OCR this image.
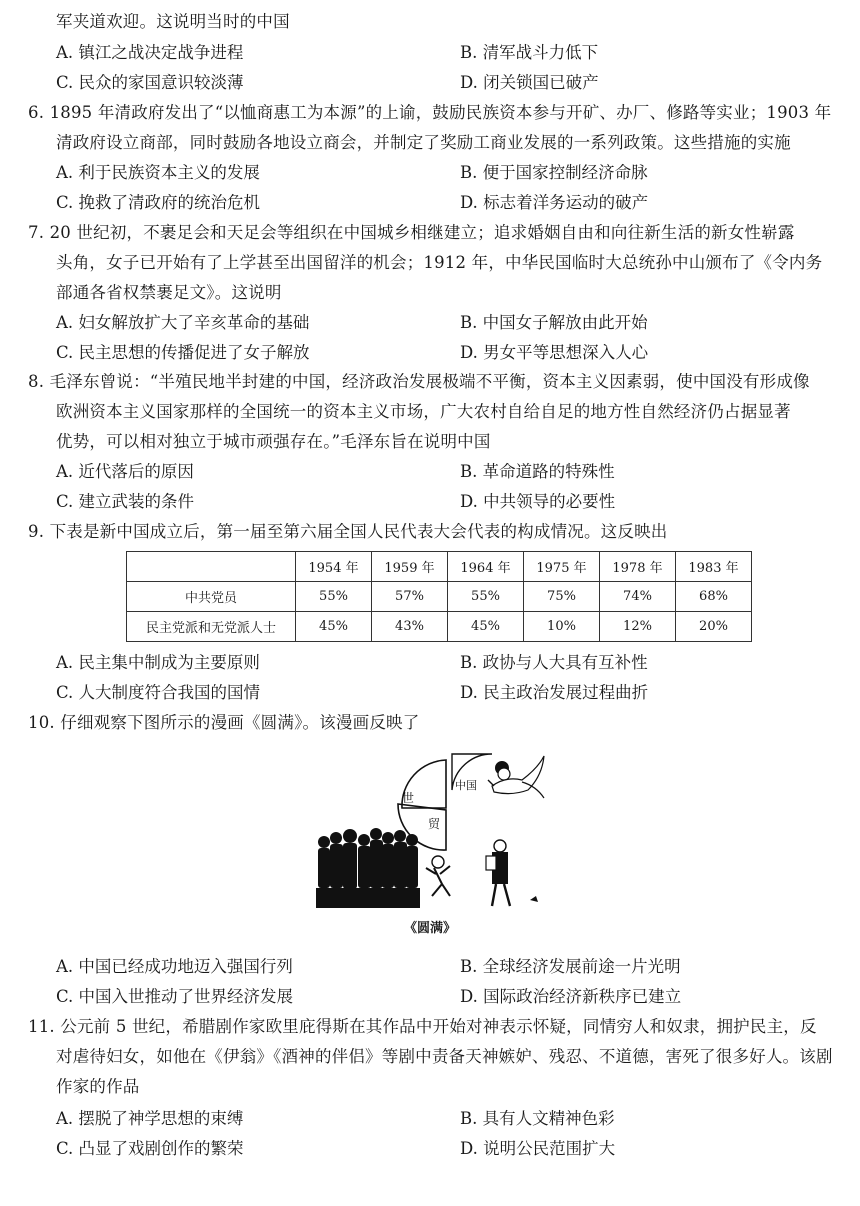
军夹道欢迎。这说明当时的中国
A. 镇江之战决定战争进程	B. 清军战斗力低下
C. 民众的家国意识较淡薄	D. 闭关锁国已破产
6. 1895 年清政府发出了“以恤商惠工为本源”的上谕，鼓励民族资本参与开矿、办厂、修路等实业；1903 年
清政府设立商部，同时鼓励各地设立商会，并制定了奖励工商业发展的一系列政策。这些措施的实施
A. 利于民族资本主义的发展	B. 便于国家控制经济命脉
C. 挽救了清政府的统治危机	D. 标志着洋务运动的破产
7. 20 世纪初，不裹足会和天足会等组织在中国城乡相继建立；追求婚姻自由和向往新生活的新女性崭露
头角，女子已开始有了上学甚至出国留洋的机会；1912 年，中华民国临时大总统孙中山颁布了《令内务
部通各省权禁裹足文》。这说明
A. 妇女解放扩大了辛亥革命的基础	B. 中国女子解放由此开始
C. 民主思想的传播促进了女子解放	D. 男女平等思想深入人心
8. 毛泽东曾说：“半殖民地半封建的中国，经济政治发展极端不平衡，资本主义因素弱，使中国没有形成像
欧洲资本主义国家那样的全国统一的资本主义市场，广大农村自给自足的地方性自然经济仍占据显著
优势，可以相对独立于城市顽强存在。”毛泽东旨在说明中国
A. 近代落后的原因	B. 革命道路的特殊性
C. 建立武装的条件	D. 中共领导的必要性
9. 下表是新中国成立后，第一届至第六届全国人民代表大会代表的构成情况。这反映出
	1954 年	1959 年	1964 年	1975 年	1978 年	1983 年
中共党员	55%	57%	55%	75%	74%	68%
民主党派和无党派人士	45%	43%	45%	10%	12%	20%
A. 民主集中制成为主要原则	B. 政协与人大具有互补性
C. 人大制度符合我国的国情	D. 民主政治发展过程曲折
10. 仔细观察下图所示的漫画《圆满》。该漫画反映了
世
贸
中国
《圆满》
A. 中国已经成功地迈入强国行列	B. 全球经济发展前途一片光明
C. 中国入世推动了世界经济发展	D. 国际政治经济新秩序已建立
11. 公元前 5 世纪，希腊剧作家欧里庇得斯在其作品中开始对神表示怀疑，同情穷人和奴隶，拥护民主，反
对虐待妇女，如他在《伊翁》《酒神的伴侣》等剧中责备天神嫉妒、残忍、不道德，害死了很多好人。该剧
作家的作品
A. 摆脱了神学思想的束缚	B. 具有人文精神色彩
C. 凸显了戏剧创作的繁荣	D. 说明公民范围扩大
